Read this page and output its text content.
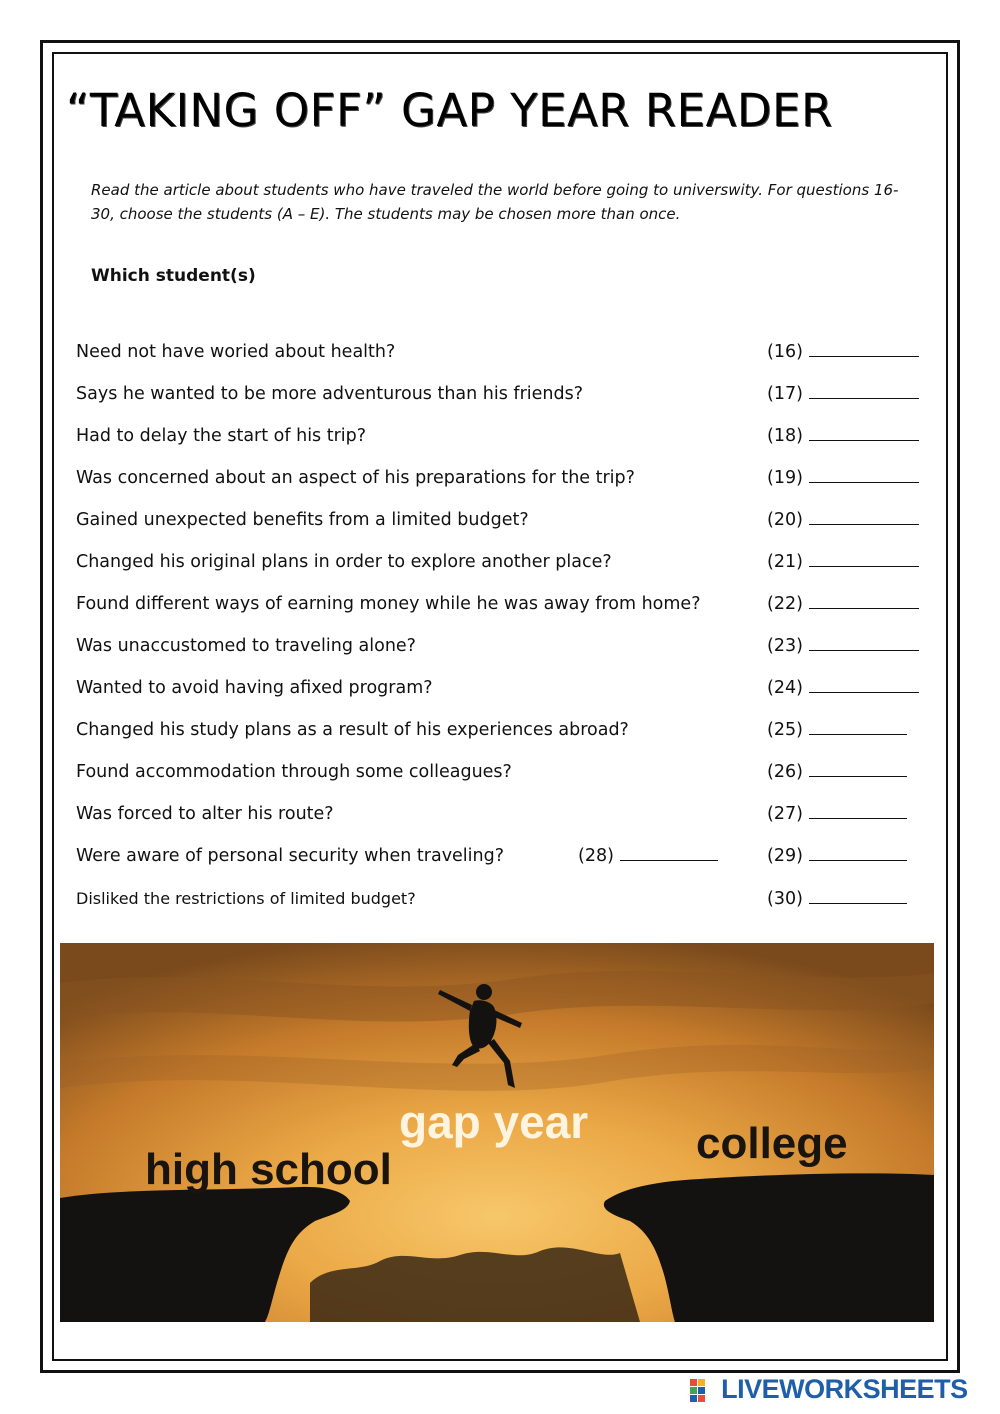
“TAKING OFF” GAP YEAR READER
Read the article about students who have traveled the world before going to universwity. For questions 16- 30, choose the students (A – E). The students may be chosen more than once.
Which student(s)
Need not have woried about health?	(16)
Says he wanted to be more adventurous than his friends?	(17)
Had to delay the start of his trip?	(18)
Was concerned about an aspect of his preparations for the trip?	(19)
Gained unexpected benefits from a limited budget?	(20)
Changed his original plans in order to explore another place?	(21)
Found different ways of earning money while he was away from home?	(22)
Was unaccustomed to traveling alone?	(23)
Wanted to avoid having afixed program?	(24)
Changed his study plans as a result of his experiences abroad?	(25)
Found accommodation through some colleagues?	(26)
Was forced to alter his route?	(27)
Were aware of personal security when traveling?	(28)	(29)
Disliked the restrictions of limited budget?	(30)
high school
gap year college
LIVEWORKSHEETS
